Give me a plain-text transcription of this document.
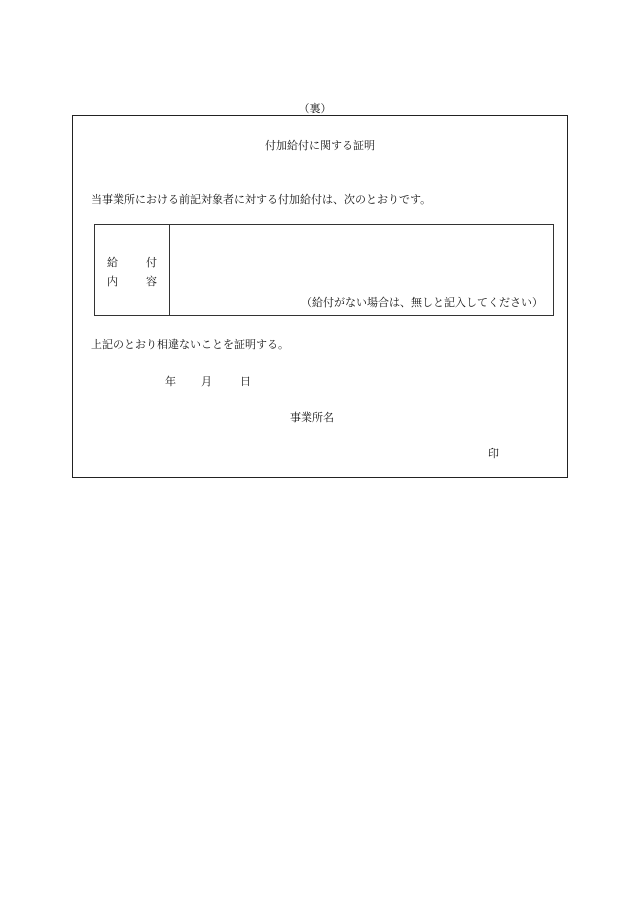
（裏）
付加給付に関する証明
当事業所における前記対象者に対する付加給付は、次のとおりです。
給	付
内	容
（給付がない場合は、無しと記入してください）
上記のとおり相違ないことを証明する。
年 月	日
事業所名
印
